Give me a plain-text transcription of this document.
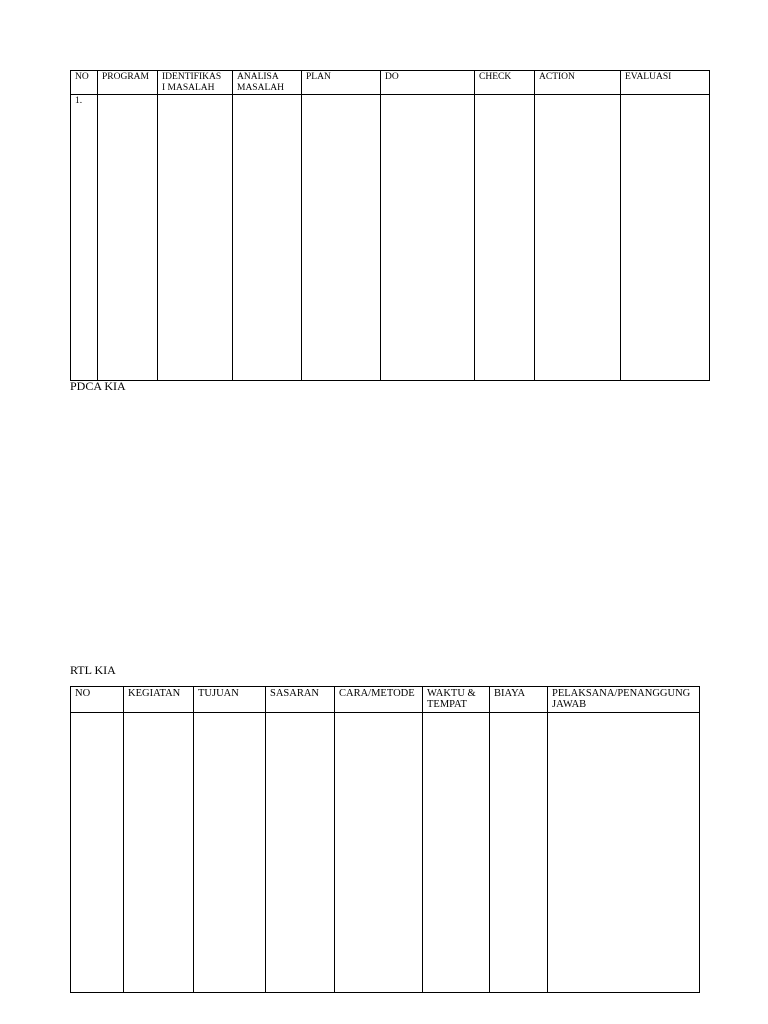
NO	PROGRAM	IDENTIFIKAS
I MASALAH	ANALISA
MASALAH	PLAN	DO	CHECK	ACTION	EVALUASI
1.								
PDCA KIA
RTL KIA
NO	KEGIATAN	TUJUAN	SASARAN	CARA/METODE	WAKTU &
TEMPAT	BIAYA	PELAKSANA/PENANGGUNG
JAWAB
